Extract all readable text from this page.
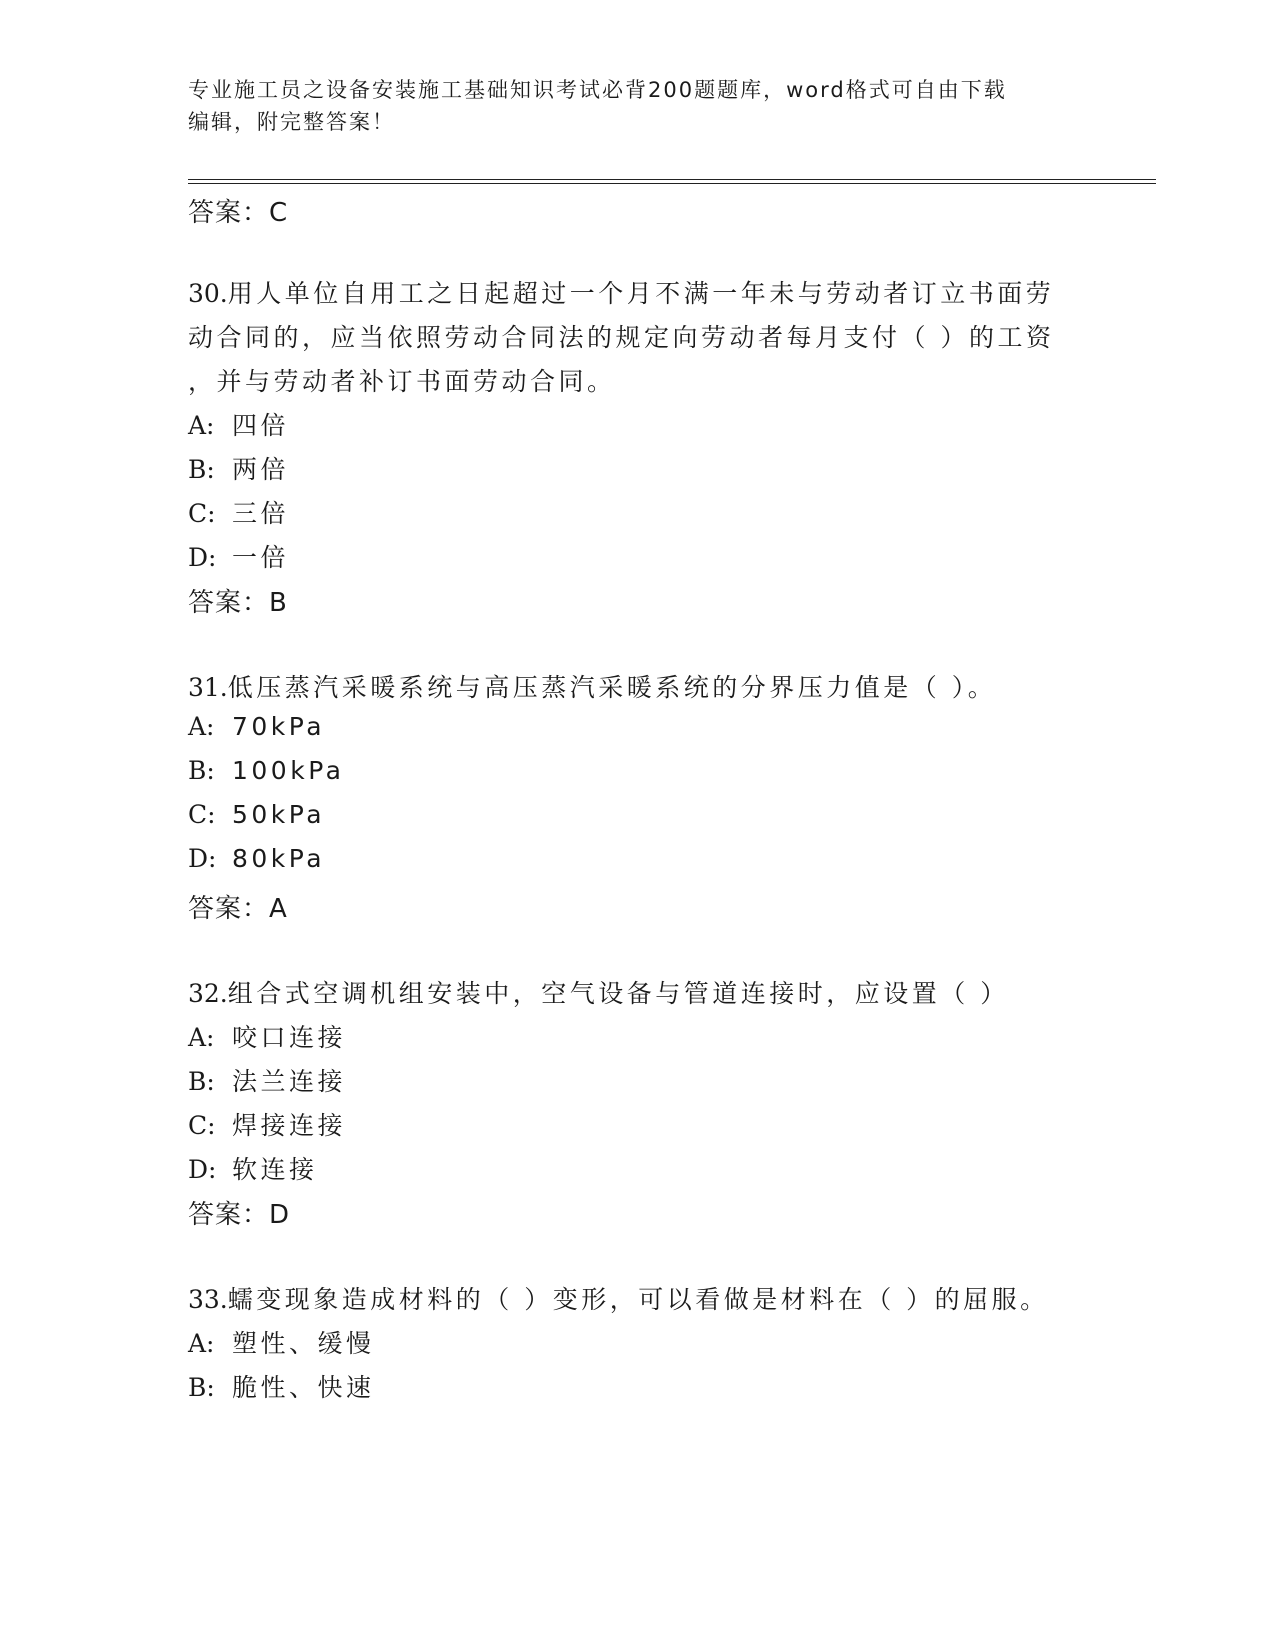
专业施工员之设备安装施工基础知识考试必背200题题库，word格式可自由下载
编辑，附完整答案！
答案：C
30.用人单位自用工之日起超过一个月不满一年未与劳动者订立书面劳
动合同的，应当依照劳动合同法的规定向劳动者每月支付（ ）的工资
，并与劳动者补订书面劳动合同。
A: 四倍
B: 两倍
C: 三倍
D: 一倍
答案：B
31.低压蒸汽采暖系统与高压蒸汽采暖系统的分界压力值是（ ）。
A: 70kPa
B: 100kPa
C: 50kPa
D: 80kPa
答案：A
32.组合式空调机组安装中，空气设备与管道连接时，应设置（ ）
A: 咬口连接
B: 法兰连接
C: 焊接连接
D: 软连接
答案：D
33.蠕变现象造成材料的（ ）变形，可以看做是材料在（ ）的屈服。
A: 塑性、缓慢
B: 脆性、快速
